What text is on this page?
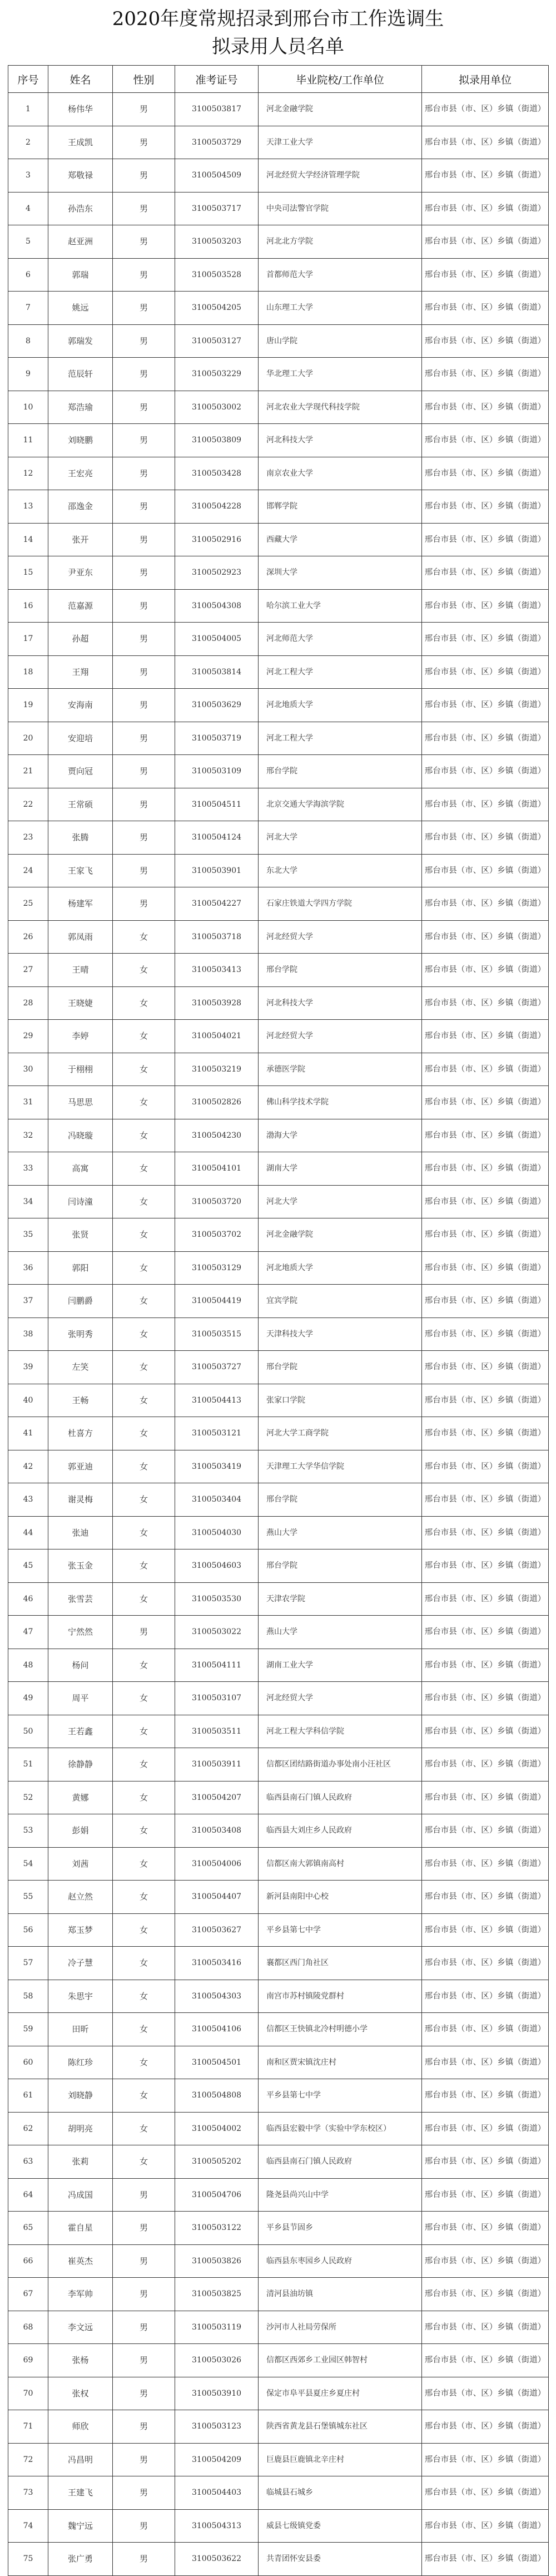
2020年度常规招录到邢台市工作选调生
拟录用人员名单
序号	姓名	性别	准考证号	毕业院校/工作单位	拟录用单位
1	杨伟华	男	3100503817	河北金融学院	邢台市县（市、区）乡镇（街道）
2	王成凯	男	3100503729	天津工业大学	邢台市县（市、区）乡镇（街道）
3	郑敬禄	男	3100504509	河北经贸大学经济管理学院	邢台市县（市、区）乡镇（街道）
4	孙浩东	男	3100503717	中央司法警官学院	邢台市县（市、区）乡镇（街道）
5	赵亚洲	男	3100503203	河北北方学院	邢台市县（市、区）乡镇（街道）
6	郭瑞	男	3100503528	首都师范大学	邢台市县（市、区）乡镇（街道）
7	姚远	男	3100504205	山东理工大学	邢台市县（市、区）乡镇（街道）
8	郭瑞发	男	3100503127	唐山学院	邢台市县（市、区）乡镇（街道）
9	范辰轩	男	3100503229	华北理工大学	邢台市县（市、区）乡镇（街道）
10	郑浩瑜	男	3100503002	河北农业大学现代科技学院	邢台市县（市、区）乡镇（街道）
11	刘晓鹏	男	3100503809	河北科技大学	邢台市县（市、区）乡镇（街道）
12	王宏亮	男	3100503428	南京农业大学	邢台市县（市、区）乡镇（街道）
13	邵逸金	男	3100504228	邯郸学院	邢台市县（市、区）乡镇（街道）
14	张开	男	3100502916	西藏大学	邢台市县（市、区）乡镇（街道）
15	尹亚东	男	3100502923	深圳大学	邢台市县（市、区）乡镇（街道）
16	范嘉源	男	3100504308	哈尔滨工业大学	邢台市县（市、区）乡镇（街道）
17	孙超	男	3100504005	河北师范大学	邢台市县（市、区）乡镇（街道）
18	王翔	男	3100503814	河北工程大学	邢台市县（市、区）乡镇（街道）
19	安海南	男	3100503629	河北地质大学	邢台市县（市、区）乡镇（街道）
20	安迎培	男	3100503719	河北工程大学	邢台市县（市、区）乡镇（街道）
21	贾向冠	男	3100503109	邢台学院	邢台市县（市、区）乡镇（街道）
22	王常硕	男	3100504511	北京交通大学海滨学院	邢台市县（市、区）乡镇（街道）
23	张腾	男	3100504124	河北大学	邢台市县（市、区）乡镇（街道）
24	王家飞	男	3100503901	东北大学	邢台市县（市、区）乡镇（街道）
25	杨建军	男	3100504227	石家庄铁道大学四方学院	邢台市县（市、区）乡镇（街道）
26	郭凤雨	女	3100503718	河北经贸大学	邢台市县（市、区）乡镇（街道）
27	王晴	女	3100503413	邢台学院	邢台市县（市、区）乡镇（街道）
28	王晓婕	女	3100503928	河北科技大学	邢台市县（市、区）乡镇（街道）
29	李婷	女	3100504021	河北经贸大学	邢台市县（市、区）乡镇（街道）
30	于栩栩	女	3100503219	承德医学院	邢台市县（市、区）乡镇（街道）
31	马思思	女	3100502826	佛山科学技术学院	邢台市县（市、区）乡镇（街道）
32	冯晓璇	女	3100504230	渤海大学	邢台市县（市、区）乡镇（街道）
33	高寓	女	3100504101	湖南大学	邢台市县（市、区）乡镇（街道）
34	闫诗潼	女	3100503720	河北大学	邢台市县（市、区）乡镇（街道）
35	张贤	女	3100503702	河北金融学院	邢台市县（市、区）乡镇（街道）
36	郭阳	女	3100503129	河北地质大学	邢台市县（市、区）乡镇（街道）
37	闫鹏爵	女	3100504419	宜宾学院	邢台市县（市、区）乡镇（街道）
38	张明秀	女	3100503515	天津科技大学	邢台市县（市、区）乡镇（街道）
39	左笑	女	3100503727	邢台学院	邢台市县（市、区）乡镇（街道）
40	王畅	女	3100504413	张家口学院	邢台市县（市、区）乡镇（街道）
41	杜喜方	女	3100503121	河北大学工商学院	邢台市县（市、区）乡镇（街道）
42	郭亚迪	女	3100503419	天津理工大学华信学院	邢台市县（市、区）乡镇（街道）
43	谢灵梅	女	3100503404	邢台学院	邢台市县（市、区）乡镇（街道）
44	张迪	女	3100504030	燕山大学	邢台市县（市、区）乡镇（街道）
45	张玉金	女	3100504603	邢台学院	邢台市县（市、区）乡镇（街道）
46	张雪芸	女	3100503530	天津农学院	邢台市县（市、区）乡镇（街道）
47	宁然然	男	3100503022	燕山大学	邢台市县（市、区）乡镇（街道）
48	杨问	女	3100504111	湖南工业大学	邢台市县（市、区）乡镇（街道）
49	周平	女	3100503107	河北经贸大学	邢台市县（市、区）乡镇（街道）
50	王若鑫	女	3100503511	河北工程大学科信学院	邢台市县（市、区）乡镇（街道）
51	徐静静	女	3100503911	信都区团结路街道办事处南小汪社区	邢台市县（市、区）乡镇（街道）
52	黄娜	女	3100504207	临西县南石门镇人民政府	邢台市县（市、区）乡镇（街道）
53	彭娟	女	3100503408	临西县大刘庄乡人民政府	邢台市县（市、区）乡镇（街道）
54	刘茜	女	3100504006	信都区南大郭镇南高村	邢台市县（市、区）乡镇（街道）
55	赵立然	女	3100504407	新河县南阳中心校	邢台市县（市、区）乡镇（街道）
56	郑玉梦	女	3100503627	平乡县第七中学	邢台市县（市、区）乡镇（街道）
57	冷子慧	女	3100503416	襄都区西门角社区	邢台市县（市、区）乡镇（街道）
58	朱思宇	女	3100504303	南宫市苏村镇陵党群村	邢台市县（市、区）乡镇（街道）
59	田昕	女	3100504106	信都区王快镇北冷村明德小学	邢台市县（市、区）乡镇（街道）
60	陈红珍	女	3100504501	南和区贾宋镇沈庄村	邢台市县（市、区）乡镇（街道）
61	刘晓静	女	3100504808	平乡县第七中学	邢台市县（市、区）乡镇（街道）
62	胡明亮	女	3100504002	临西县宏毅中学（实验中学东校区）	邢台市县（市、区）乡镇（街道）
63	张莉	女	3100505202	临西县南石门镇人民政府	邢台市县（市、区）乡镇（街道）
64	冯成国	男	3100504706	隆尧县尚兴山中学	邢台市县（市、区）乡镇（街道）
65	霍自星	男	3100503122	平乡县节固乡	邢台市县（市、区）乡镇（街道）
66	崔英杰	男	3100503826	临西县东枣园乡人民政府	邢台市县（市、区）乡镇（街道）
67	李军帅	男	3100503825	清河县油坊镇	邢台市县（市、区）乡镇（街道）
68	李文远	男	3100503119	沙河市人社局劳保所	邢台市县（市、区）乡镇（街道）
69	张杨	男	3100503026	信都区西郊乡工业园区韩智村	邢台市县（市、区）乡镇（街道）
70	张权	男	3100503910	保定市阜平县夏庄乡夏庄村	邢台市县（市、区）乡镇（街道）
71	师欣	男	3100503123	陕西省黄龙县石堡镇城东社区	邢台市县（市、区）乡镇（街道）
72	冯昌明	男	3100504209	巨鹿县巨鹿镇北辛庄村	邢台市县（市、区）乡镇（街道）
73	王建飞	男	3100504403	临城县石城乡	邢台市县（市、区）乡镇（街道）
74	魏宁远	男	3100504313	威县七级镇党委	邢台市县（市、区）乡镇（街道）
75	张广勇	男	3100503622	共青团怀安县委	邢台市县（市、区）乡镇（街道）
